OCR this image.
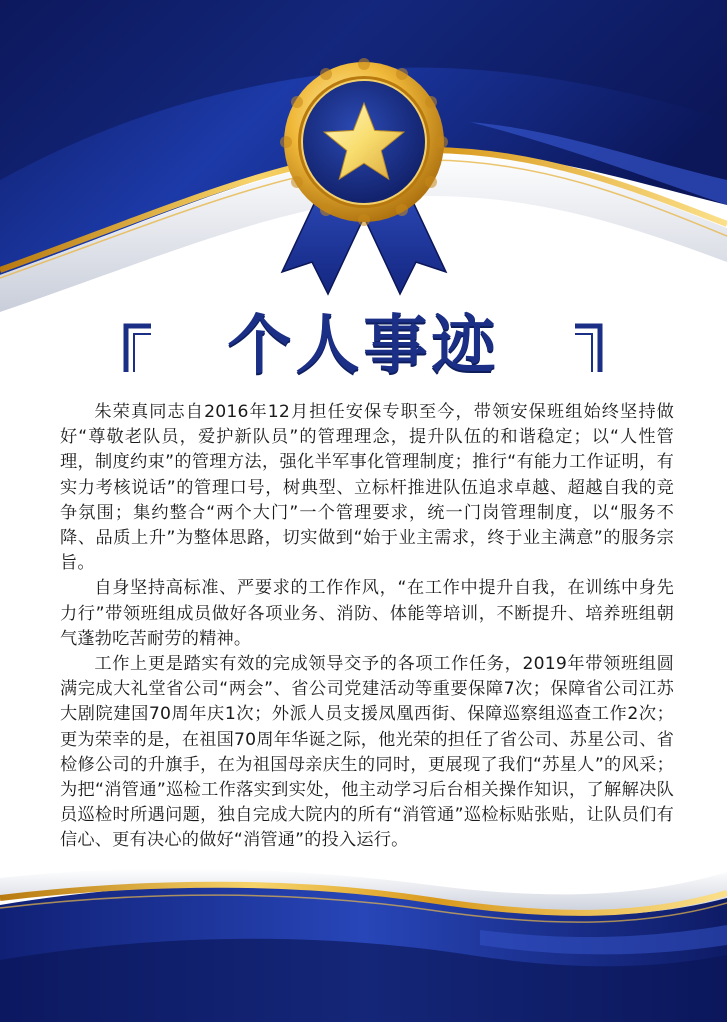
个人事迹

朱荣真同志自2016年12月担任安保专职至今，带领安保班组始终坚持做好“尊敬老队员，爱护新队员”的管理理念，提升队伍的和谐稳定；以“人性管理，制度约束”的管理方法，强化半军事化管理制度；推行“有能力工作证明，有实力考核说话”的管理口号，树典型、立标杆推进队伍追求卓越、超越自我的竞争氛围；集约整合“两个大门”一个管理要求，统一门岗管理制度，以“服务不降、品质上升”为整体思路，切实做到“始于业主需求，终于业主满意”的服务宗旨。

自身坚持高标准、严要求的工作作风，“在工作中提升自我，在训练中身先力行”带领班组成员做好各项业务、消防、体能等培训，不断提升、培养班组朝气蓬勃吃苦耐劳的精神。

工作上更是踏实有效的完成领导交予的各项工作任务，2019年带领班组圆满完成大礼堂省公司“两会”、省公司党建活动等重要保障7次；保障省公司江苏大剧院建国70周年庆1次；外派人员支援凤凰西街、保障巡察组巡查工作2次；更为荣幸的是，在祖国70周年华诞之际，他光荣的担任了省公司、苏星公司、省检修公司的升旗手，在为祖国母亲庆生的同时，更展现了我们“苏星人”的风采；为把“消管通”巡检工作落实到实处，他主动学习后台相关操作知识，了解解决队员巡检时所遇问题，独自完成大院内的所有“消管通”巡检标贴张贴，让队员们有信心、更有决心的做好“消管通”的投入运行。
